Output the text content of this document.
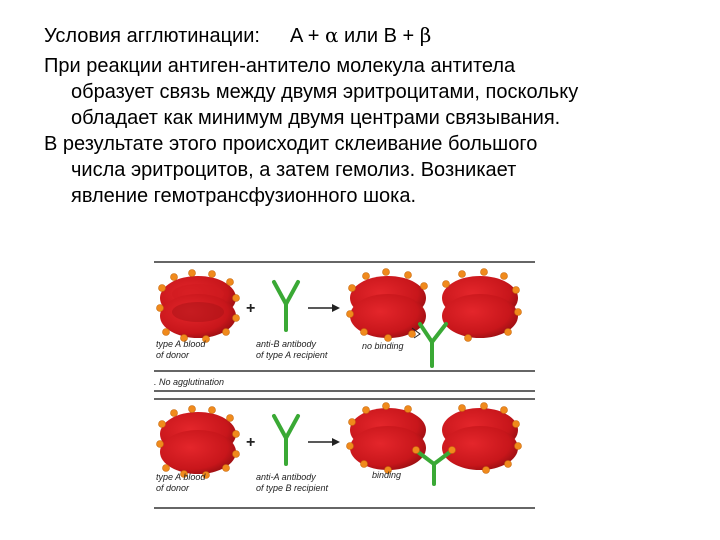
Условия агглютинации: A + α или B + β
При реакции антиген-антитело молекула антитела
образует связь между двумя эритроцитами, поскольку
обладает как минимум двумя центрами связывания.
В результате этого происходит склеивание большого
числа эритроцитов, а затем гемолиз. Возникает
явление гемотрансфузионного шока.
+
type A blood
of donor
anti-B antibody
of type A recipient
no binding
. No agglutination
+
type A blood
of donor
anti-A antibody
of type B recipient
binding
